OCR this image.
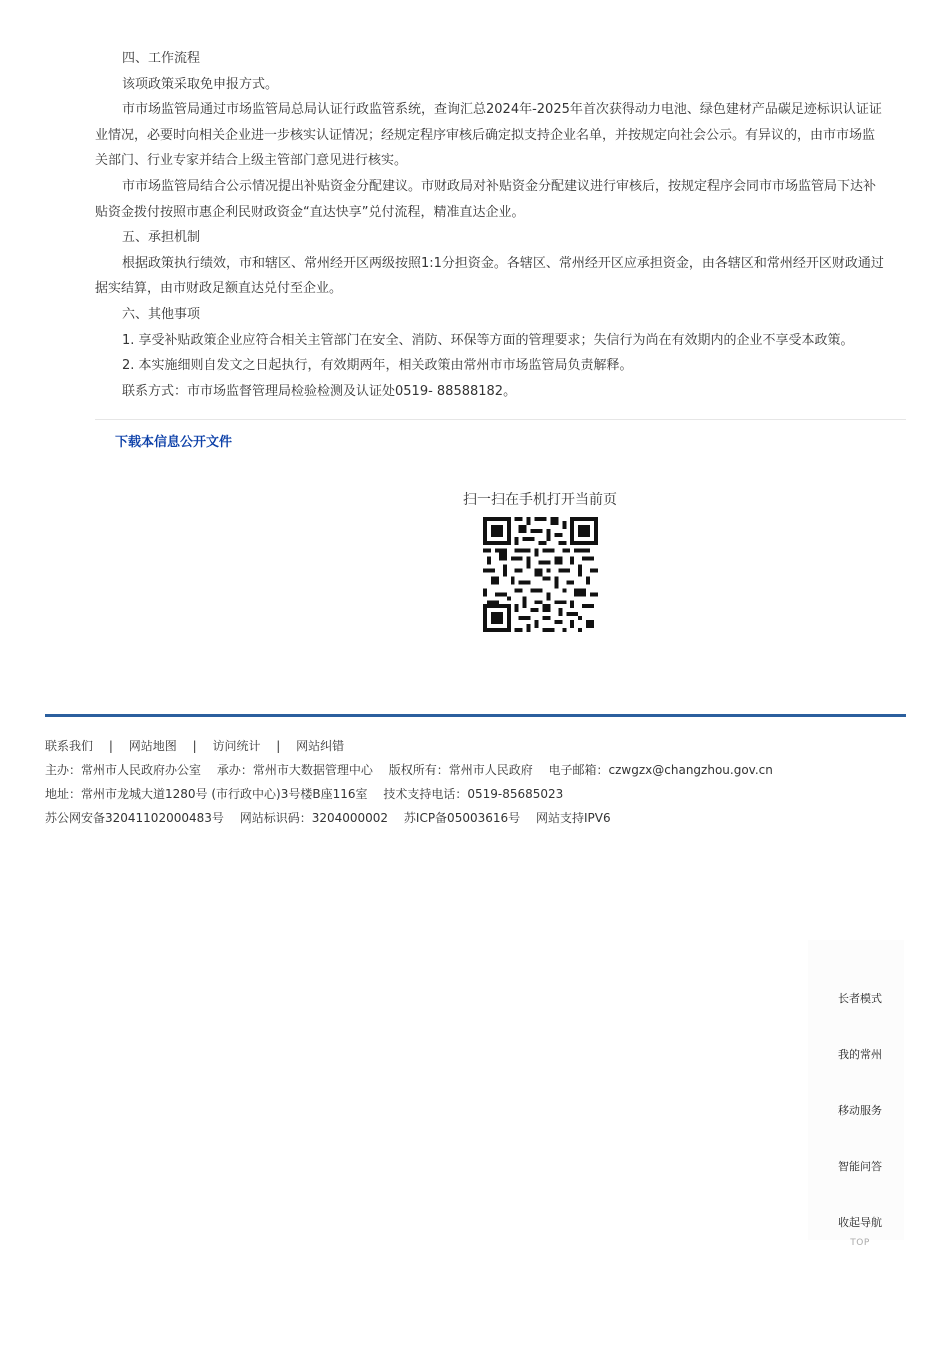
四、工作流程

该项政策采取免申报方式。

市市场监管局通过市场监管局总局认证行政监管系统，查询汇总2024年-2025年首次获得动力电池、绿色建材产品碳足迹标识认证证

业情况，必要时向相关企业进一步核实认证情况；经规定程序审核后确定拟支持企业名单，并按规定向社会公示。有异议的，由市市场监

关部门、行业专家并结合上级主管部门意见进行核实。

市市场监管局结合公示情况提出补贴资金分配建议。市财政局对补贴资金分配建议进行审核后，按规定程序会同市市场监管局下达补

贴资金拨付按照市惠企利民财政资金“直达快享”兑付流程，精准直达企业。

五、承担机制

根据政策执行绩效，市和辖区、常州经开区两级按照1:1分担资金。各辖区、常州经开区应承担资金，由各辖区和常州经开区财政通过

据实结算，由市财政足额直达兑付至企业。

六、其他事项

1. 享受补贴政策企业应符合相关主管部门在安全、消防、环保等方面的管理要求；失信行为尚在有效期内的企业不享受本政策。

2. 本实施细则自发文之日起执行，有效期两年，相关政策由常州市市场监管局负责解释。

联系方式：市市场监督管理局检验检测及认证处0519- 88588182。

下载本信息公开文件
扫一扫在手机打开当前页
联系我们 | 网站地图 | 访问统计 | 网站纠错
主办：常州市人民政府办公室 承办：常州市大数据管理中心 版权所有：常州市人民政府 电子邮箱：czwgzx@changzhou.gov.cn
地址：常州市龙城大道1280号 (市行政中心)3号楼B座116室 技术支持电话：0519-85685023
苏公网安备32041102000483号 网站标识码：3204000002 苏ICP备05003616号 网站支持IPV6
长者模式
我的常州
移动服务
智能问答
收起导航
TOP
